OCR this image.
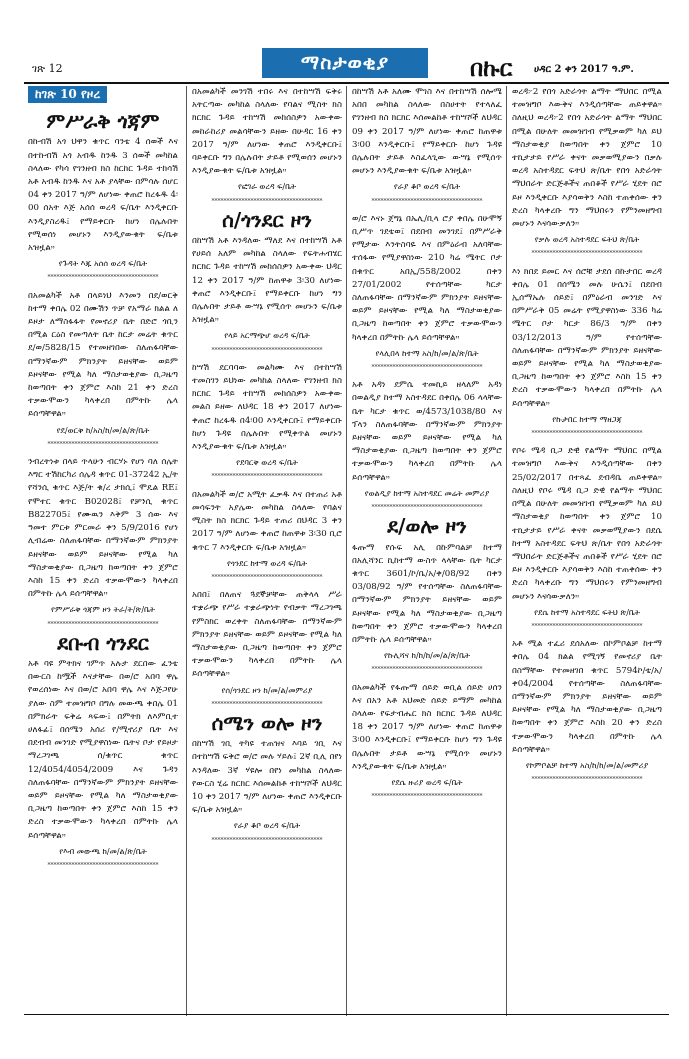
ገጽ 12	ማስታወቂያ	በኩር ሀዳር 2 ቀን 2017 ዓ.ም.
ከገጽ 10 የዞረ
ምሥራቅ ጎጃም

በኩብሽ አጎ ህዋን ቁጥር ባንቴ 4 ሰወች እና በተኩብሽ አጎ አብዱ ከንዱ 3 ሰወች መካከል ስላለው የካሳ የገንዘብ ክስ ከርከር ጉዳይ ተከሳሽ አቶ አብዱ ከንዱ እና አቶ ያላቸው በምሳሉ ሰሆር 04 ቀን 2017 ዓ/ም ለሆነው ቀጠሮ ከረፋዱ 4፡00 ሰአት እጅ አሰሰ ወረዳ ፍ/ቤት እንዲቀርቡ እንዲያስረዱ፤ የማይቀርቡ ከሆነ በሌሉበት የሚወሰነ መሆኑን እንዲያውቁት ፍ/ቤቱ አዝዟል።

የጉዳት እጁ አሰሰ ወረዳ ፍ/ቤት
*************************************

በአመልካች አቶ በላይነህ እንመን በደ/ወርቅ ከተማ ቀበሌ 02 በሙሽን ጥቻ የአማራ ክልል ለ ይዞታ ለማስፋፋት የመኖሪያ ቤት በድሮ ጎቢን በሚል ርዕስ የመጣለት ቤት ከርታ መሬት ቁጥር ደ/ወ/5828/15 የተመዘገበው ስለጠፋባቸው በማንኛውም ምክንያት ይዘናቸው ወይም ይዞናቸው የሚል ካለ ማስታወቂያው ቢጋዜጣ ከወጣበት ቀን ጀምሮ እስከ 21 ቀን ድረስ ተቃውሞውን ካላቀረበ በምትኩ ሌላ ይሰጣቸዋል።

የደ/ወርቅ ከ/አስ/ከ/መ/ል/ጽ/ቤት
*************************************

ንብረትነቱ በላይ ጥላሁን ብርሃኑ የሆነ ባለ ሰሌት እግር ተሽከርካሪ ሰሌዳ ቁጥር 01-37242 ኢ/ት የሻንሲ ቁጥር እጅ/ት ቁ/ረ ታክሲ፤ ሞዴል RE፤ የሞተር ቁጥር B02028፤ የቻንሲ ቁጥር B822705፤ የሙዉን እቅም 3 ሰው እና ዓመተ ምርቱ ምርመራ ቀን 5/9/2016 የሆነ ሊብሬው ስለጠፋባቸው በማንኛውም ምክንያት ይዘናቸው ወይም ይዞናቸው የሚል ካለ ማስታወቂያው ቢጋዜጣ ከወጣበት ቀን ጀምሮ እስከ 15 ቀን ድረስ ተቃውሞውን ካላቀረበ በምትኩ ሌላ ይሰጣቸዋል።

የምሥራቅ ጎጃም ዞን ትራ/ት/ጽ/ቤት
*************************************
ደቡብ ጎንደር

አቶ ባዩ ምትክና ገምጥ አሉታ ደርበው ፈንቴ በውርስ ከሟች እናታቸው በወ/ሮ አበባ ዋሌ የወረሰነው እና በወ/ሮ አበባ ዋሌ እና እጅጋየሁ ያለው ስም ተመዝግቦ በግሉ መውጫ ቀበሌ 01 በምክራት ፍቅሬ ጻፍው፤ በምትክ ለእምቢተ ሀለፋፊ፤ በሰሜን አሰሪ የ/ሚኖሪያ ቤት እና በደብብ መንገድ የሚያዋስነው ቤትና ቦታ የይዞታ ማረጋገጫ ሰ/ቁጥር ቁጥር 12/4054/4054/2009 እና ጉዳን ስለጠፋባቸው በማንኛውም ምክንያት ይዘናቸው ወይም ይዞናቸው የሚል ካለ ማስታወቂያው ቢጋዜጣ ከወጣበት ቀን ጀምሮ እስከ 15 ቀን ድረስ ተቃውሞውን ካላቀረበ በምትኩ ሌላ ይሰጣቸዋል።

የእብ መውጫ ከ/መ/ል/ጽ/ቤት
*************************************

በአመልካች መንገሽ ተበሩ እና በተከሣሽ ፍቅሩ አትርጣው መካከል ስላለው የባልና ሚስት ክስ ክርክር ጉዳይ ተከሣሽ መከሰስዎን አውቀው መከራከሪያ መልሳቸውን ይዘው በሁዳር 16 ቀን 2017 ዓ/ም ለሆነው ቀጠሮ እንዲቀርቡ፤ ባይቀርቡ ግን በሌሉበት ታይቶ የሚወሰን መሆኑን እንዲያውቁት ፍ/ቤቱ አዝዟል።

የፎገራ ወረዳ ፍ/ቤት
*************************************
ሰ/ጎንደር ዞን

በከሣሽ አቶ እንዳለው ማለደ እና በተከሣሽ አቶ የሀይሰ አለም መካከል ስላለው የፍትሐብሄር ክርክር ጉዳይ ተከሣሽ መከሰስዎን አውቀው ህዳር 12 ቀን 2017 ዓ/ም ከጠዋቱ 3፡30 ለሆነው ቀጠሮ እንዲቀርቡ፤ የማይቀርቡ ከሆነ ግን በሌሉበት ታይቶ ውሣኔ የሚሰጥ መሆኑን ፍ/ቤቱ አዝዟል።

የላይ አርማጭሆ ወረዳ ፍ/ቤት
*************************************

ከሣሽ ደርባባው መልካሙ እና በተከሣሽ ተመስገን ይህነው መካከል ስላለው የገንዘብ ክስ ክርክር ጉዳይ ተከሣሽ መከሰስዎን አውቀው መልስ ይዘው ለህዳር 18 ቀን 2017 ለሆነው ቀጠሮ ከረፋዱ በ4፡00 እንዲቀርቡ፤ የማይቀርቡ ከሆነ ጉዳዩ በሌሉበት የሚቀጥል መሆኑን እንዲያውቁት ፍ/ቤቱ አዝዟል።

የደባርቅ ወረዳ ፍ/ቤት
*************************************

በአመልካች ወ/ሮ አሚት ፈቃዱ እና በተጠሪ አቶ መሳፍንት አያሌው መካከል ስላለው የባልና ሚስት ክስ ክርክር ጉዳይ ተጠሪ በህዳር 3 ቀን 2017 ዓ/ም ለሆነው ቀጠሮ ከጠዋቱ 3፡30 ቢሮ ቁጥር 7 እንዲቀርቡ ፍ/ቤቱ አዝዟል።

የጎንደር ከተማ ወረዳ ፍ/ቤት
*************************************

አበበ፤ በለጠና ጓደኞቻቸው ጠቅላላ ሥራ ተቋራጭ የሥራ ተቋራጭነት የብቃት ማረጋገጫ የምስክር ወረቀት ስለጠፋባቸው በማንኛውም ምክንያት ይዘናቸው ወይም ይዞናቸው የሚል ካለ ማስታወቂያው ቢጋዜጣ ከወጣበት ቀን ጀምሮ ተቃውሞውን ካላቀረበ በምትኩ ሌላ ይሰጣቸዋል።

የሰ/ጎንደር ዞን ከ/መ/ል/መምሪያ
*************************************
ሰሜን ወሎ ዞን

በከሣሽ ገቢ ትካዩ ተጠዝና እባይ ገቢ እና በተከሣሽ ፍቅሮ ወ/ሮ መሉ ሃይሉ፤ 2ኛ ቢሊ በየነ እንዳለው 3ኛ ሃዩሎ በየነ መካከል ስላለው የውርስ ሂሬ ክርክር እሰመልከቶ ተከሣሾች ለህዳር 10 ቀን 2017 ዓ/ም ለሆነው ቀጠሮ እንዲቀርቡ ፍ/ቤቱ አዝዟል።

የራያ ቆቦ ወረዳ ፍ/ቤት
*************************************

በከሣሽ አቶ አለሙ ሞገስ እና በተከሣሽ ሰሎሜ አበበ መካከል ስላለው በስሀተት የተላለፈ የገንዘብ ክስ ክርክር እሰመልከቶ ተከሣሾች ለህዳር 09 ቀን 2017 ዓ/ም ለሆነው ቀጠሮ ከጠዋቱ 3፡00 እንዲቀርቡ፤ የማይቀርቡ ከሆነ ጉዳዩ በሌሉበት ታይቶ እስፈላጊው ውሣኔ የሚሰጥ መሆኑን እንዲያውቁት ፍ/ቤቱ አዝዟል።

የራያ ቆቦ ወረዳ ፍ/ቤት
*************************************

ወ/ሮ እናኑ ጀግኔ በኤሊ/ቢላ ሮያ ቀበሌ በሁሞኝ ቢሥጥ ገደቴወ፤ በደበብ መንገደ፤ በምሥራቅ የሚታው እንትስባዬ እና በምዕራብ አለባቸው ተሰፋው የሚያዋስነው 210 ካሬ ሜትር ቦታ በቁጥር አበኢ/558/2002 በቀን 27/01/2002 የተሰጣቸው ካርታ ስለጠፋባቸው በማንኛውም ምክንያት ይዘናቸው ወይም ይዞናቸው የሚል ካለ ማስታወቂያው ቢጋዜጣ ከወጣበት ቀን ጀምሮ ተቃውሞውን ካላቀረበ በምትኩ ሌላ ይሰጣቸዋል።

የላሊበላ ከተማ አስ/ከ/መ/ል/ጽ/ቤት
*************************************

አቶ አዳነ ደምሴ ተመኪይ ዘላለም አዳነ በወልዲያ ከተማ አስተዳደር በቀበሌ 06 ላላቸው ቤት ካርታ ቁጥር ወ/4573/1038/80 እና ፕላን ስለጠፋባቸው በማንኛውም ምክንያት ይዘናቸው ወይም ይዞናቸው የሚል ካለ ማስታወቂያው ቢጋዜጣ ከወጣበት ቀን ጀምሮ ተቃውሞውን ካላቀረበ በምትኩ ሌላ ይሰጣቸዋል።

የወልዲያ ከተማ አስተዳደር መሬት መምሪያ
*************************************
ደ/ወሎ ዞን

ፋጡማ የሱፍ አሊ በኩምባልቻ ከተማ በአሊሻንር ኪከተማ ውስጥ ላላቸው ቤት ካርታ ቁጥር 3601/ኮ/ቤ/አ/ቀ/08/92 በቀን 03/08/92 ዓ/ም የተሰጣቸው ስለጠፋባቸው በማንኛውም ምክንያት ይዘናቸው ወይም ይዞናቸው የሚል ካለ ማስታወቂያው ቢጋዜጣ ከወጣበት ቀን ጀምሮ ተቃውሞውን ካላቀረበ በምትኩ ሌላ ይሰጣቸዋል።

የኩሊሻና ከ/ከ/ከ/መ/ል/ጽ/ቤት
*************************************

በአመልካች የፋጡማ ሰይድ ወቢል ሰይድ ሀሰን እና በአን አቶ አህመድ ሰይድ ይማም መካከል ስላለው የፍታብሔር ክስ ክርክር ጉዳይ ለህዳር 18 ቀን 2017 ዓ/ም ለሆነው ቀጠሮ ከጠዋቱ 3፡00 እንዲቀርቡ፤ የማይቀርቡ ከሆነ ግን ጉዳዩ በሌሉበት ታይቶ ውሣኔ የሚሰጥ መሆኑን እንዲያውቁት ፍ/ቤቱ አዝዟል።

የደሴ ዙሪያ ወረዳ ፍ/ቤት
*************************************

ወረዳ፦2 የበጎ አድራጎት ልማት ማህበር በሚል ተመዝግቦ እውቅና እንዲሰጣቸው ጠይቀዋል። ስለዚህ ወረዳ፦2 የበጎ አድራጎት ልማት ማህበር በሚል በሁለት መመዝገብ የሚቃወም ካለ ይህ ማስታወቂያ ከወጣበት ቀን ጀምሮ 10 ተኪታታይ የሥራ ቀናት መቃወሚያውን በቃሉ ወረዳ አስተዳደር ፍትህ ጽ/ቤት የበጎ አድራጎት ማህበራት ድርጅቶችና ጠበቆች የሥራ ሂደት በሮ ይዞ እንዲቀርቡ እያሳወቅን እስከ ተጠቀሰው ቀን ድረስ ካላቀረቡ ግን ማህበሩን የምንመዘግብ መሆኑን እናሳውቃለን።

የቃሉ ወረዳ አስተዳደር ፍትህ ጽ/ቤት
*************************************

እነ ክበደ ይመር እና ሰሮቹ ታደሰ በኩታበር ወረዳ ቀበሌ 01 በሰሜን መሉ ሁሴን፤ በደበብ ኢሰማኤሉ ሰይድ፤ በምዕራብ መንገድ እና በምሥራቅ 05 መሬት የሚያዋስነው 336 ካሬ ሜትር ቦታ ካርታ 86/3 ዓ/ም በቀን 03/12/2013 ዓ/ም የተሰጣቸው ስለጠፋባቸው በማንኛውም ምክንያት ይዘናቸው ወይም ይዞናቸው የሚል ካለ ማስታወቂያው ቢጋዜጣ ከወጣበት ቀን ጀምሮ እስከ 15 ቀን ድረስ ተቃውሞውን ካላቀረበ በምትኩ ሌላ ይሰጣቸዋል።

የኩታበር ከተማ ማዘጋጃ
*************************************

የቦሩ ሜዳ ቢጋ ድዊ የልማት ማህበር በሚል ተመዝግቦ እውቅና እንዲሰጣቸው በቀን 25/02/2017 በተጻፈ ደብዳቤ ጠይቀዋል። ስለዚህ የቦሩ ሜዳ ቢጋ ድዊ የልማት ማህበር በሚል በሁለት መመዝገብ የሚቃወም ካለ ይህ ማስታወቂያ ከወጣበት ቀን ጀምሮ 10 ተኪታታይ የሥራ ቀናት መቃወሚያውን በደሴ ከተማ አስተዳደር ፍትህ ጽ/ቤት የበጎ አድራጎት ማህበራት ድርጅቶችና ጠበቆች የሥራ ሂደት በሮ ይዞ እንዲቀርቡ እያሳወቅን እስከ ተጠቀሰው ቀን ድረስ ካላቀረቡ ግን ማህበሩን የምንመዘግብ መሆኑን እናሳውቃለን።

የደሴ ከተማ አስተዳደር ፍትህ ጽ/ቤት
*************************************

አቶ ሚል ተፈሪ ደሰአለው በኮምቦልቻ ከተማ ቀበሌ 04 ክልል የሚገኝ የመኖሪያ ቤት በስማቸው የተመዘገበ ቁጥር 5794ኮ/ቴ/አ/ቀ04/2004 የተሰጣቸው ስለጠፋባቸው በማንኛውም ምክንያት ይዘናቸው ወይም ይዞናቸው የሚል ካለ ማስታወቂያው ቢጋዜጣ ከወጣበት ቀን ጀምሮ እስከ 20 ቀን ድረስ ተቃውሞውን ካላቀረበ በምትኩ ሌላ ይሰጣቸዋል።

የኮምቦልቻ ከተማ አስ/ከ/ከ/መ/ል/መምሪያ
*************************************
